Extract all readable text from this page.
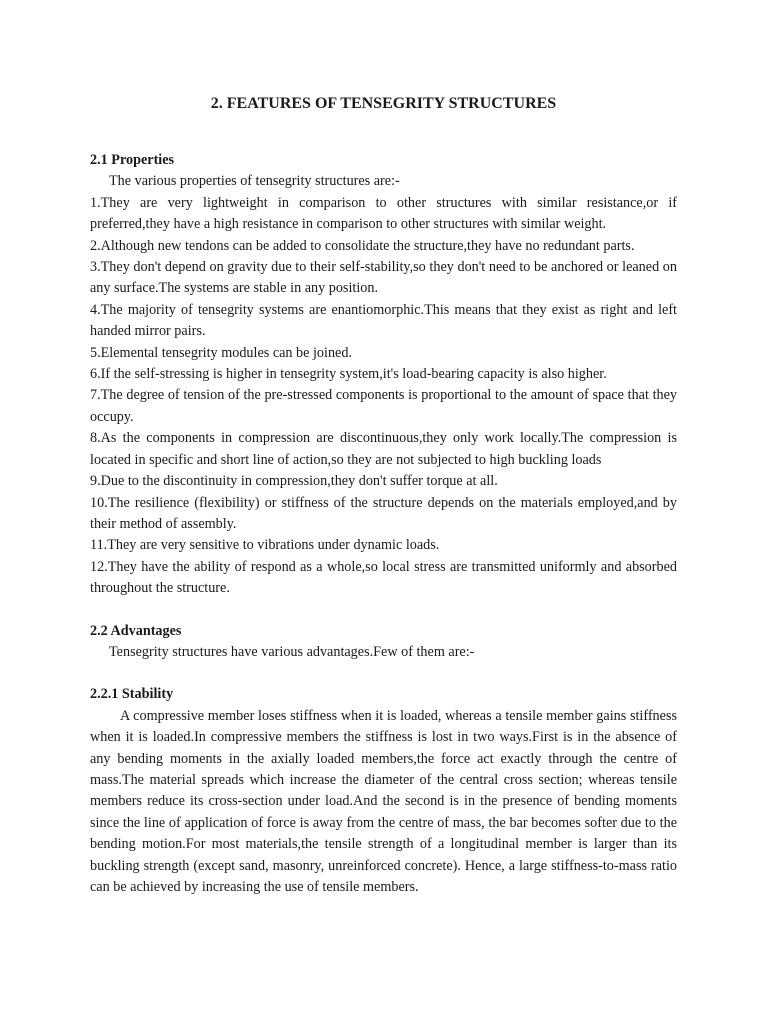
2. FEATURES OF TENSEGRITY STRUCTURES
2.1 Properties
The various properties of tensegrity structures are:-
1.They are very lightweight in comparison to other structures with similar resistance,or if preferred,they have a high resistance in comparison to other structures with similar weight.
2.Although new tendons can be added to consolidate the structure,they have no redundant parts.
3.They don't depend on gravity due to their self-stability,so they don't need to be anchored or leaned on any surface.The systems are stable in any position.
4.The majority of tensegrity systems are enantiomorphic.This means that they exist as right and left handed mirror pairs.
5.Elemental tensegrity modules can be joined.
6.If the self-stressing is higher in tensegrity system,it's load-bearing capacity is also higher.
7.The degree of tension of the pre-stressed components is proportional to the amount of space that they occupy.
8.As the components in compression are discontinuous,they only work locally.The compression is located in specific and short line of action,so they are not subjected to high buckling loads
9.Due to the discontinuity in compression,they don't suffer torque at all.
10.The resilience (flexibility) or stiffness of the structure depends on the materials employed,and by their method of assembly.
11.They are very sensitive to vibrations under dynamic loads.
12.They have the ability of respond as a whole,so local stress are transmitted uniformly and absorbed throughout the structure.
2.2 Advantages
Tensegrity structures have various advantages.Few of them are:-
2.2.1 Stability
A compressive member loses stiffness when it is loaded, whereas a tensile member gains stiffness when it is loaded.In compressive members the stiffness is lost in two ways.First is in the absence of any bending moments in the axially loaded members,the force act exactly through the centre of mass.The material spreads which increase the diameter of the central cross section; whereas tensile members reduce its cross-section under load.And the second is in the presence of bending moments since the line of application of force is away from the centre of mass, the bar becomes softer due to the bending motion.For most materials,the tensile strength of a longitudinal member is larger than its buckling strength (except sand, masonry, unreinforced concrete). Hence, a large stiffness-to-mass ratio can be achieved by increasing the use of tensile members.
